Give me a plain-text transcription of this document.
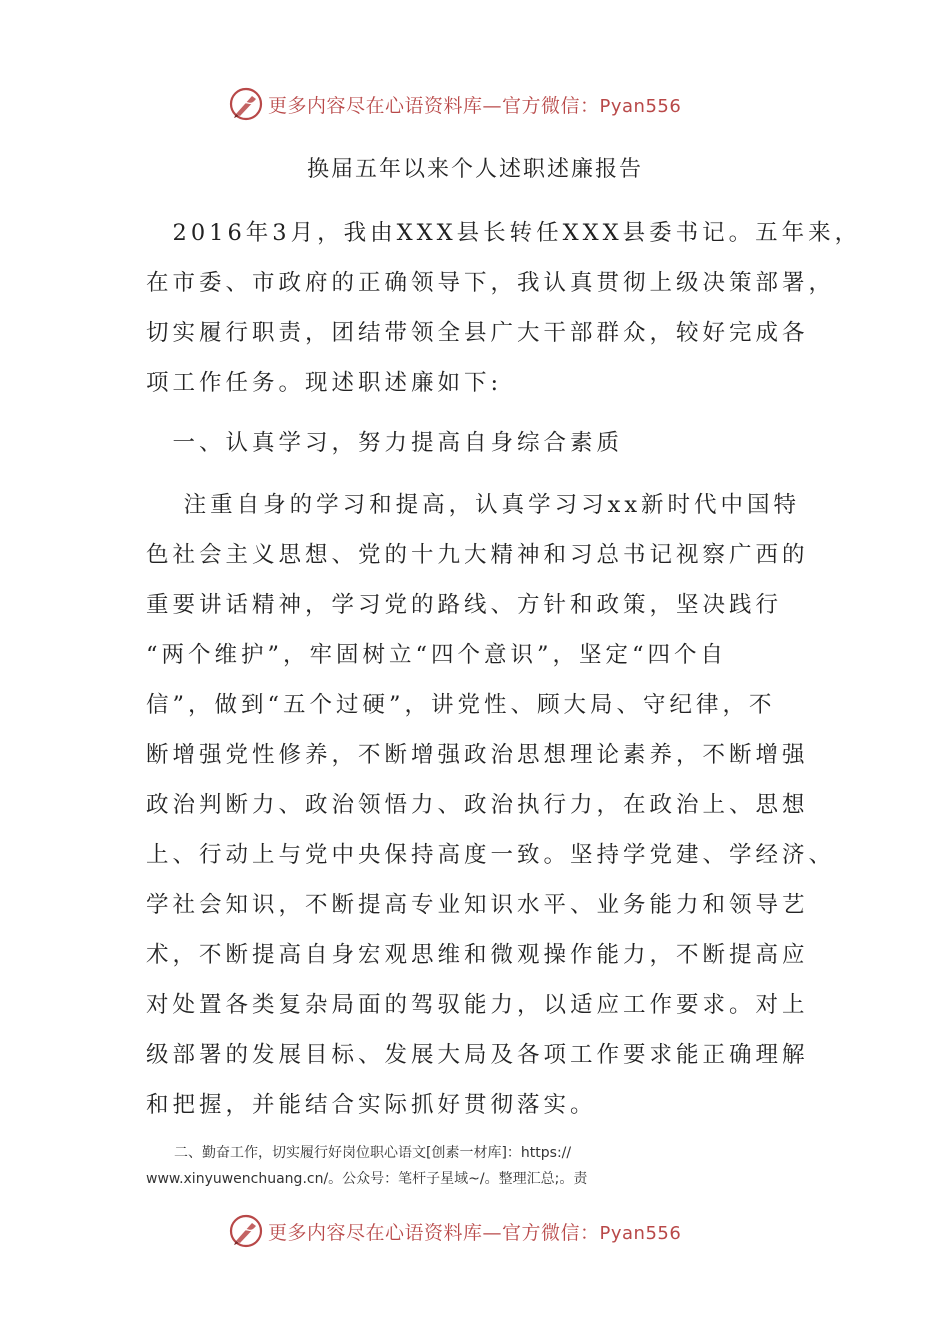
更多内容尽在心语资料库—官方微信：Pyan556
换届五年以来个人述职述廉报告
　2016年3月，我由XXX县长转任XXX县委书记。五年来，
在市委、市政府的正确领导下，我认真贯彻上级决策部署，
切实履行职责，团结带领全县广大干部群众，较好完成各
项工作任务。现述职述廉如下:
　一、认真学习，努力提高自身综合素质
　 注重自身的学习和提高，认真学习习xx新时代中国特
色社会主义思想、党的十九大精神和习总书记视察广西的
重要讲话精神，学习党的路线、方针和政策，坚决践行
“两个维护”，牢固树立“四个意识”，坚定“四个自
信”，做到“五个过硬”，讲党性、顾大局、守纪律，不
断增强党性修养，不断增强政治思想理论素养，不断增强
政治判断力、政治领悟力、政治执行力，在政治上、思想
上、行动上与党中央保持高度一致。坚持学党建、学经济、
学社会知识，不断提高专业知识水平、业务能力和领导艺
术，不断提高自身宏观思维和微观操作能力，不断提高应
对处置各类复杂局面的驾驭能力，以适应工作要求。对上
级部署的发展目标、发展大局及各项工作要求能正确理解
和把握，并能结合实际抓好贯彻落实。
　　二、勤奋工作，切实履行好岗位职心语文[创素一材库]：https://
www.xinyuwenchuang.cn/。公众号：笔杆子星域~/。整理汇总;。责
更多内容尽在心语资料库—官方微信：Pyan556
